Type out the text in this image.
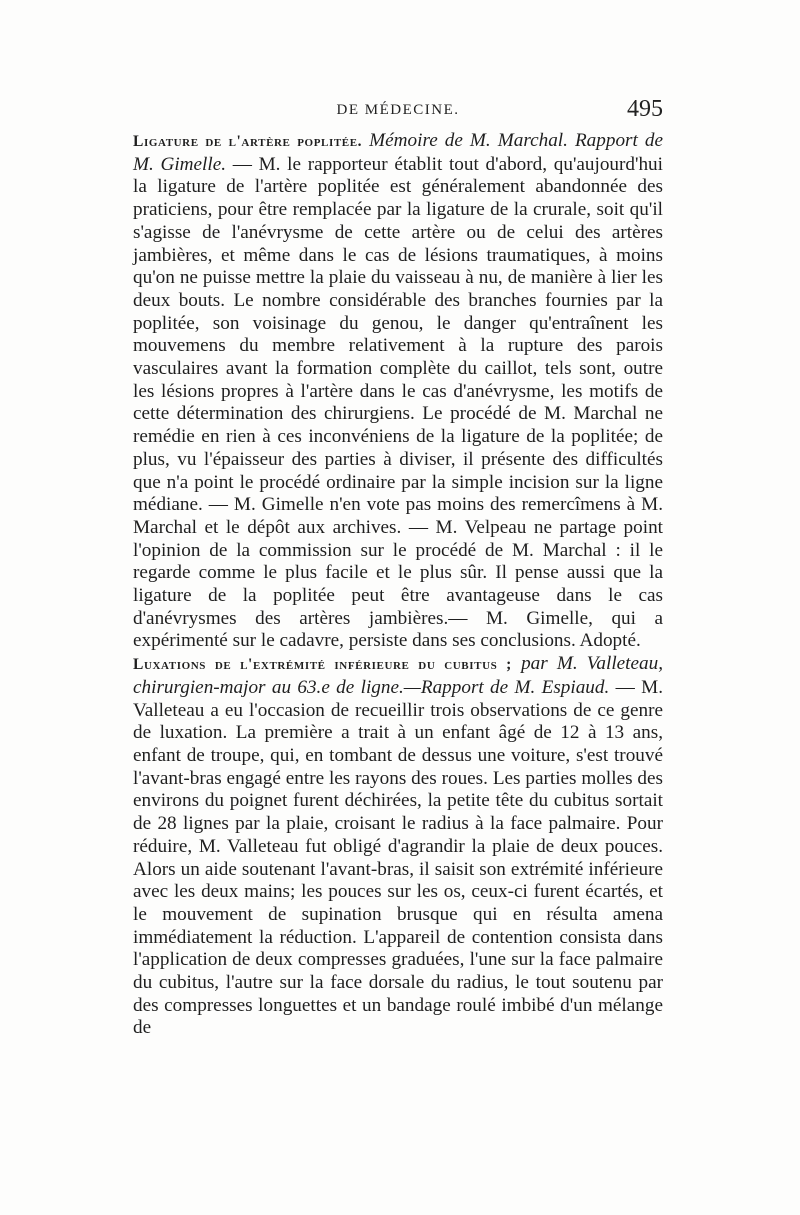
DE MÉDECINE.	495

Ligature de l'artère poplitée. Mémoire de M. Marchal. Rapport de M. Gimelle. — M. le rapporteur établit tout d'abord, qu'aujourd'hui la ligature de l'artère poplitée est généralement abandonnée des praticiens, pour être remplacée par la ligature de la crurale, soit qu'il s'agisse de l'anévrysme de cette artère ou de celui des artères jambières, et même dans le cas de lésions traumatiques, à moins qu'on ne puisse mettre la plaie du vaisseau à nu, de manière à lier les deux bouts. Le nombre considérable des branches fournies par la poplitée, son voisinage du genou, le danger qu'entraînent les mouvemens du membre relativement à la rupture des parois vasculaires avant la formation complète du caillot, tels sont, outre les lésions propres à l'artère dans le cas d'anévrysme, les motifs de cette détermination des chirurgiens. Le procédé de M. Marchal ne remédie en rien à ces inconvéniens de la ligature de la poplitée; de plus, vu l'épaisseur des parties à diviser, il présente des difficultés que n'a point le procédé ordinaire par la simple incision sur la ligne médiane. — M. Gimelle n'en vote pas moins des remercîmens à M. Marchal et le dépôt aux archives. — M. Velpeau ne partage point l'opinion de la commission sur le procédé de M. Marchal : il le regarde comme le plus facile et le plus sûr. Il pense aussi que la ligature de la poplitée peut être avantageuse dans le cas d'anévrysmes des artères jambières.— M. Gimelle, qui a expérimenté sur le cadavre, persiste dans ses conclusions. Adopté.

Luxations de l'extrémité inférieure du cubitus ; par M. Valleteau, chirurgien-major au 63.e de ligne.—Rapport de M. Espiaud. — M. Valleteau a eu l'occasion de recueillir trois observations de ce genre de luxation. La première a trait à un enfant âgé de 12 à 13 ans, enfant de troupe, qui, en tombant de dessus une voiture, s'est trouvé l'avant-bras engagé entre les rayons des roues. Les parties molles des environs du poignet furent déchirées, la petite tête du cubitus sortait de 28 lignes par la plaie, croisant le radius à la face palmaire. Pour réduire, M. Valleteau fut obligé d'agrandir la plaie de deux pouces. Alors un aide soutenant l'avant-bras, il saisit son extrémité inférieure avec les deux mains; les pouces sur les os, ceux-ci furent écartés, et le mouvement de supination brusque qui en résulta amena immédiatement la réduction. L'appareil de contention consista dans l'application de deux compresses graduées, l'une sur la face palmaire du cubitus, l'autre sur la face dorsale du radius, le tout soutenu par des compresses longuettes et un bandage roulé imbibé d'un mélange de
